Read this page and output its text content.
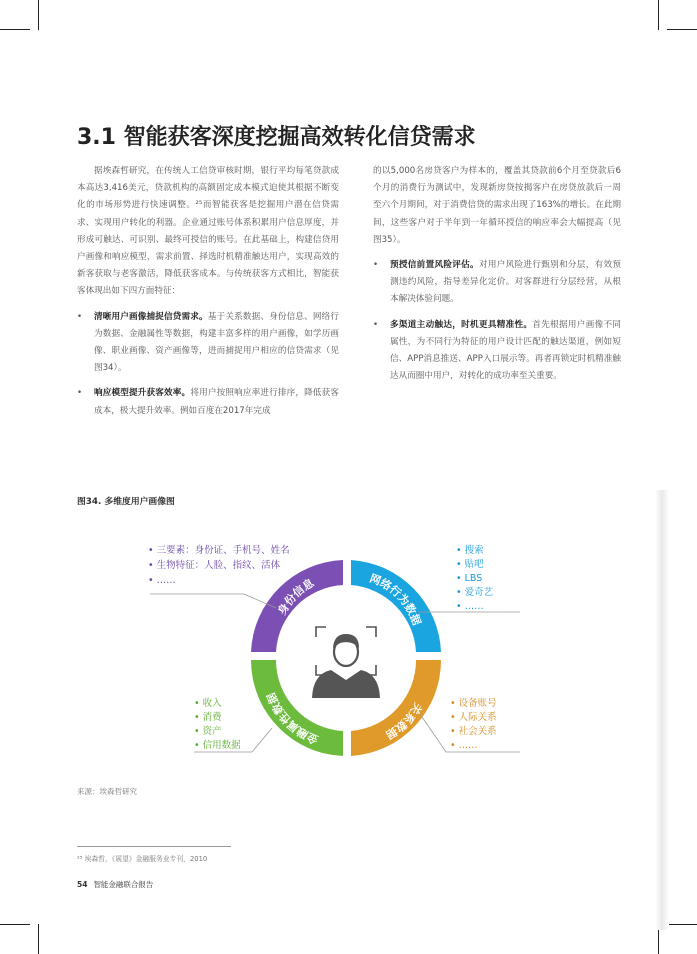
3.1 智能获客深度挖掘高效转化信贷需求

据埃森哲研究，在传统人工信贷审核时期，银行平均每笔贷款成本高达3,416美元，贷款机构的高额固定成本模式迫使其根据不断变化的市场形势进行快速调整。²⁵而智能获客是挖掘用户潜在信贷需求、实现用户转化的利器。企业通过账号体系积累用户信息厚度，并形成可触达、可识别、最终可授信的账号。在此基础上，构建信贷用户画像和响应模型，需求前置、择选时机精准触达用户，实现高效的新客获取与老客激活，降低获客成本。与传统获客方式相比，智能获客体现出如下四方面特征：

• 清晰用户画像捕捉信贷需求。基于关系数据、身份信息、网络行为数据、金融属性等数据，构建丰富多样的用户画像，如学历画像、职业画像、资产画像等，进而捕捉用户相应的信贷需求（见图34）。
• 响应模型提升获客效率。将用户按照响应率进行排序，降低获客成本，极大提升效率。例如百度在2017年完成

的以5,000名房贷客户为样本的，覆盖其贷款前6个月至贷款后6个月的消费行为测试中，发现新房贷按揭客户在房贷放款后一周至六个月期间，对于消费信贷的需求出现了163%的增长。在此期间，这些客户对于半年到一年循环授信的响应率会大幅提高（见图35）。

• 预授信前置风险评估。对用户风险进行甄别和分层，有效预测违约风险，指导差异化定价。对客群进行分层经营，从根本解决体验问题。
• 多渠道主动触达，时机更具精准性。首先根据用户画像不同属性，为不同行为特征的用户设计匹配的触达渠道，例如短信、APP消息推送、APP入口展示等。再者再锁定时机精准触达从而圈中用户，对转化的成功率至关重要。
图34. 多维度用户画像图
身份信息	网络行为数据
关系数据
金融属性数据
• 三要素：身份证、手机号、姓名
• 生物特征：人脸、指纹、活体
• ……
• 搜索
• 贴吧
• LBS
• 爱奇艺
• ……
• 收入
• 消费
• 资产
• 信用数据
• 设备账号
• 人际关系
• 社会关系
• ……
来源：埃森哲研究
²⁵ 埃森哲，《展望》金融服务业专刊，2010
54 智能金融联合报告
